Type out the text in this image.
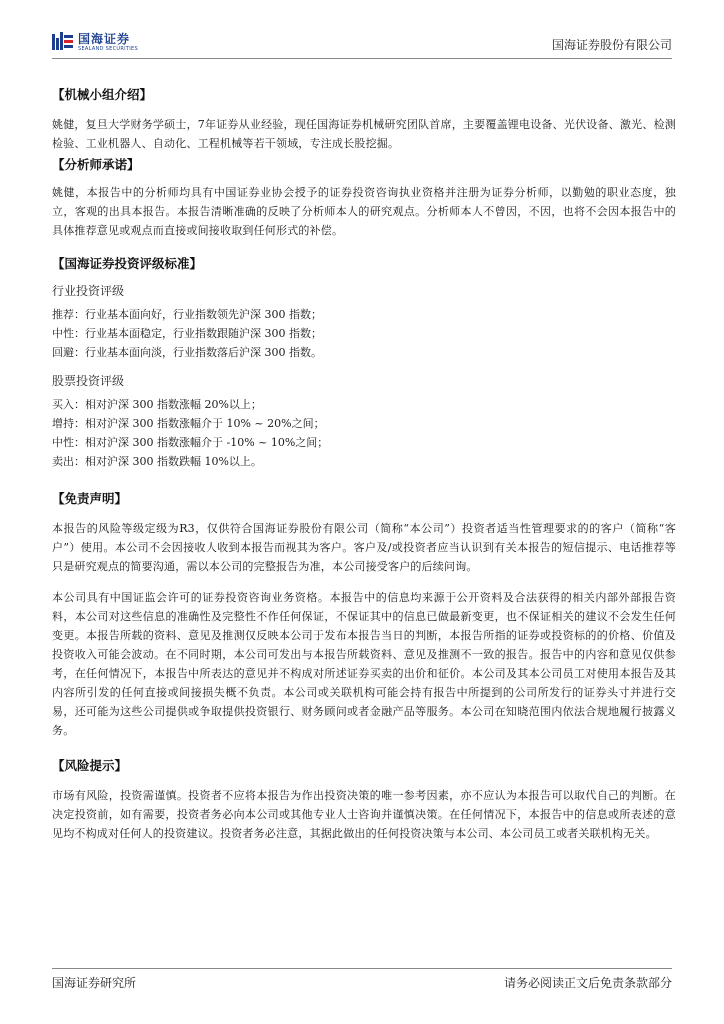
国海证券
SEALAND SECURITIES	国海证券股份有限公司
【机械小组介绍】

姚健，复旦大学财务学硕士，7年证券从业经验，现任国海证券机械研究团队首席，主要覆盖锂电设备、光伏设备、激光、检测检验、工业机器人、自动化、工程机械等若干领域，专注成长股挖掘。

【分析师承诺】

姚健，本报告中的分析师均具有中国证券业协会授予的证券投资咨询执业资格并注册为证券分析师，以勤勉的职业态度，独立，客观的出具本报告。本报告清晰准确的反映了分析师本人的研究观点。分析师本人不曾因，不因，也将不会因本报告中的具体推荐意见或观点而直接或间接收取到任何形式的补偿。

【国海证券投资评级标准】

行业投资评级

推荐：行业基本面向好，行业指数领先沪深 300 指数；

中性：行业基本面稳定，行业指数跟随沪深 300 指数；

回避：行业基本面向淡，行业指数落后沪深 300 指数。

股票投资评级

买入：相对沪深 300 指数涨幅 20%以上；

增持：相对沪深 300 指数涨幅介于 10% ~ 20%之间；

中性：相对沪深 300 指数涨幅介于 -10% ~ 10%之间；

卖出：相对沪深 300 指数跌幅 10%以上。

【免责声明】

本报告的风险等级定级为R3，仅供符合国海证券股份有限公司（简称“本公司”）投资者适当性管理要求的的客户（简称“客户”）使用。本公司不会因接收人收到本报告而视其为客户。客户及/或投资者应当认识到有关本报告的短信提示、电话推荐等只是研究观点的简要沟通，需以本公司的完整报告为准，本公司接受客户的后续问询。

本公司具有中国证监会许可的证券投资咨询业务资格。本报告中的信息均来源于公开资料及合法获得的相关内部外部报告资料，本公司对这些信息的准确性及完整性不作任何保证，不保证其中的信息已做最新变更，也不保证相关的建议不会发生任何变更。本报告所载的资料、意见及推测仅反映本公司于发布本报告当日的判断，本报告所指的证券或投资标的的价格、价值及投资收入可能会波动。在不同时期，本公司可发出与本报告所载资料、意见及推测不一致的报告。报告中的内容和意见仅供参考，在任何情况下，本报告中所表达的意见并不构成对所述证券买卖的出价和征价。本公司及其本公司员工对使用本报告及其内容所引发的任何直接或间接损失概不负责。本公司或关联机构可能会持有报告中所提到的公司所发行的证券头寸并进行交易，还可能为这些公司提供或争取提供投资银行、财务顾问或者金融产品等服务。本公司在知晓范围内依法合规地履行披露义务。

【风险提示】

市场有风险，投资需谨慎。投资者不应将本报告为作出投资决策的唯一参考因素，亦不应认为本报告可以取代自己的判断。在决定投资前，如有需要，投资者务必向本公司或其他专业人士咨询并谨慎决策。在任何情况下，本报告中的信息或所表述的意见均不构成对任何人的投资建议。投资者务必注意，其据此做出的任何投资决策与本公司、本公司员工或者关联机构无关。

国海证券研究所	请务必阅读正文后免责条款部分
